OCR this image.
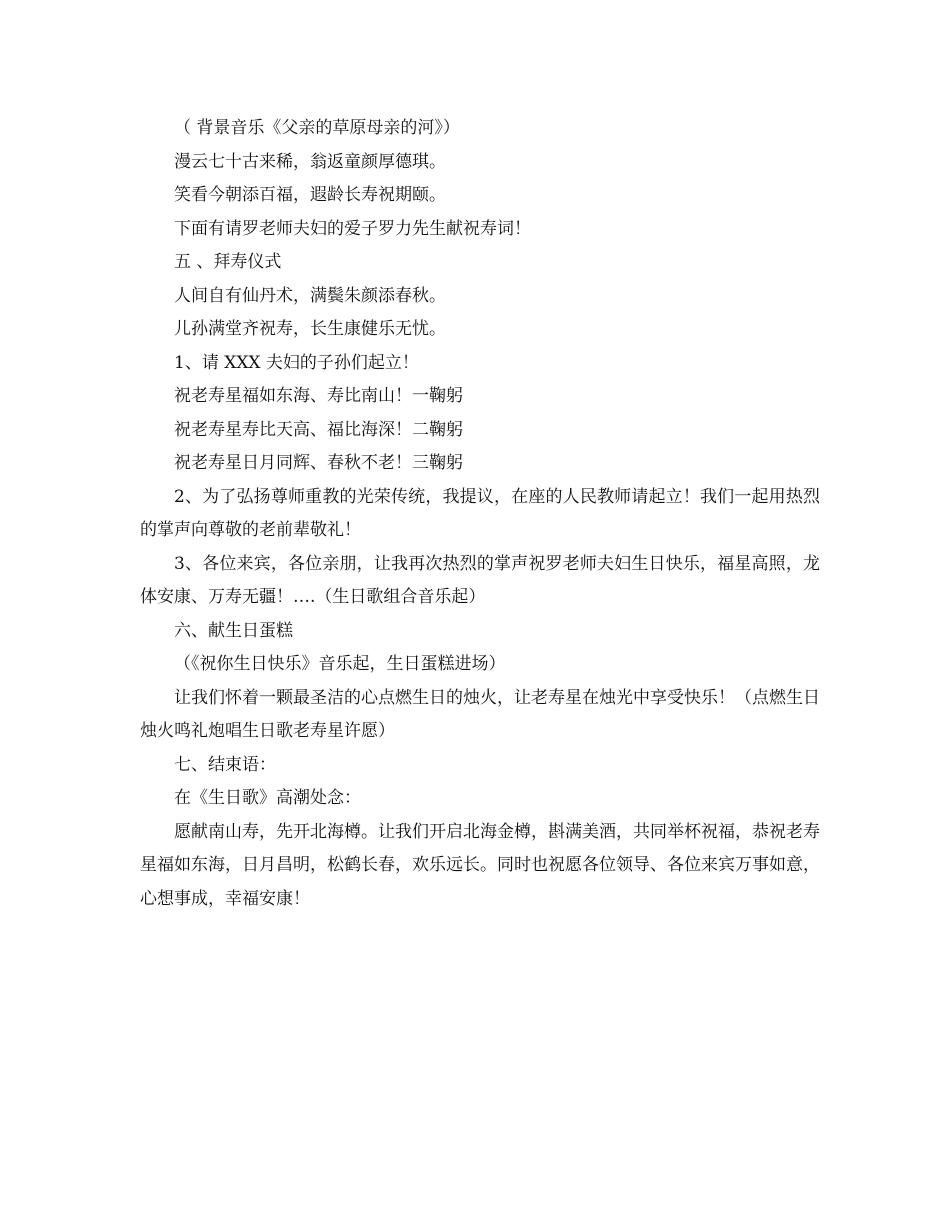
（ 背景音乐《父亲的草原母亲的河》）

漫云七十古来稀，翁返童颜厚德琪。

笑看今朝添百福，遐龄长寿祝期颐。

下面有请罗老师夫妇的爱子罗力先生献祝寿词！

五 、拜寿仪式

人间自有仙丹术，满鬓朱颜添春秋。

儿孙满堂齐祝寿，长生康健乐无忧。

1、请 XXX 夫妇的子孙们起立！

祝老寿星福如东海、寿比南山！一鞠躬

祝老寿星寿比天高、福比海深！二鞠躬

祝老寿星日月同辉、春秋不老！三鞠躬

2、为了弘扬尊师重教的光荣传统，我提议，在座的人民教师请起立！我们一起用热烈的掌声向尊敬的老前辈敬礼！

3、各位来宾，各位亲朋，让我再次热烈的掌声祝罗老师夫妇生日快乐，福星高照，龙体安康、万寿无疆！….（生日歌组合音乐起）

六、献生日蛋糕

（《祝你生日快乐》音乐起，生日蛋糕进场）

让我们怀着一颗最圣洁的心点燃生日的烛火，让老寿星在烛光中享受快乐！（点燃生日烛火鸣礼炮唱生日歌老寿星许愿）

七、结束语：

在《生日歌》高潮处念：

愿献南山寿，先开北海樽。让我们开启北海金樽，斟满美酒，共同举杯祝福，恭祝老寿星福如东海，日月昌明，松鹤长春，欢乐远长。同时也祝愿各位领导、各位来宾万事如意，心想事成，幸福安康！
